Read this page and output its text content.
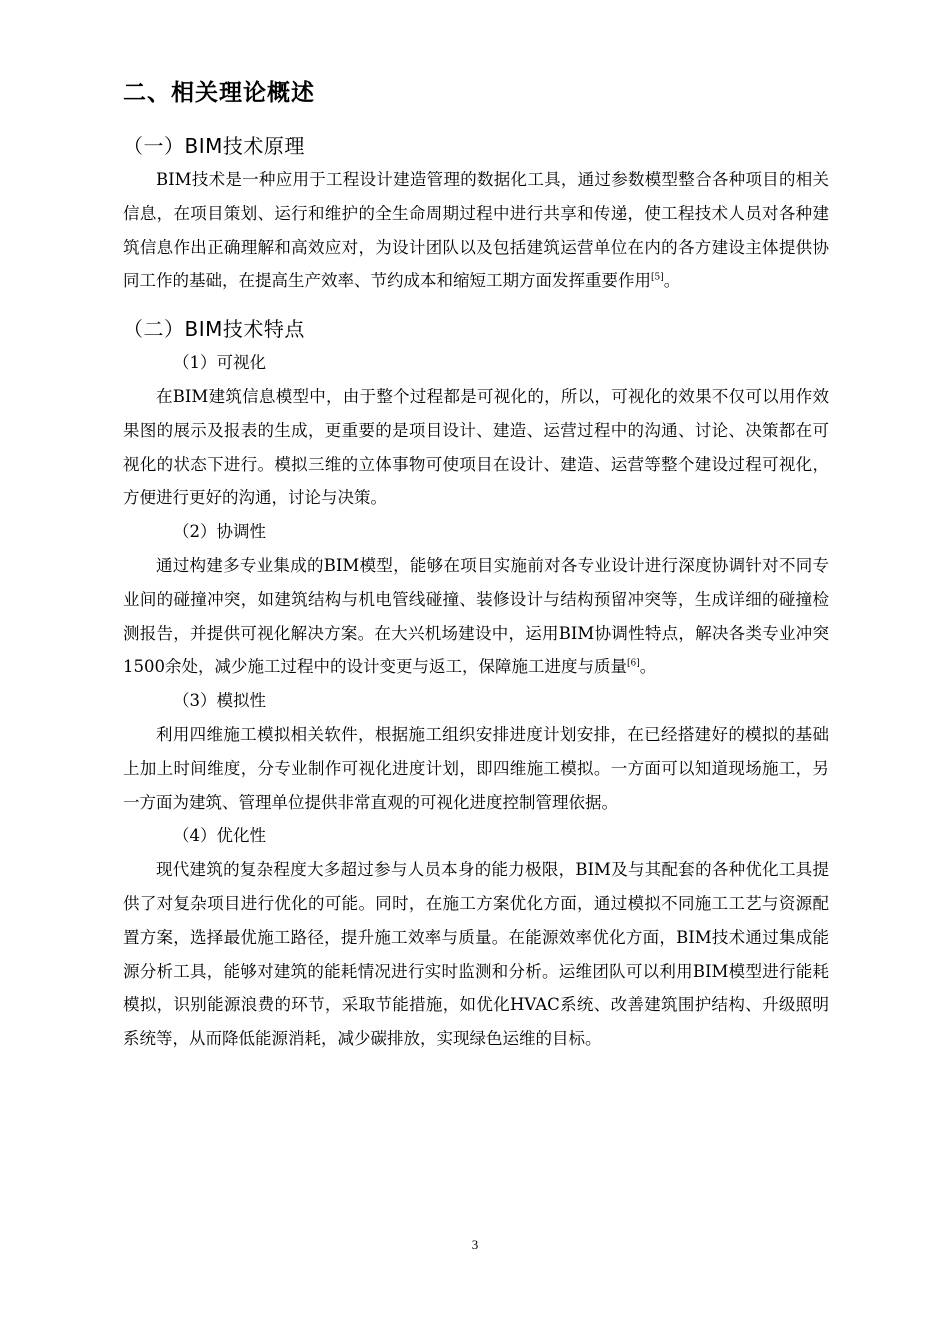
二、相关理论概述
（一）BIM技术原理

BIM技术是一种应用于工程设计建造管理的数据化工具，通过参数模型整合各种项目的相关信息，在项目策划、运行和维护的全生命周期过程中进行共享和传递，使工程技术人员对各种建筑信息作出正确理解和高效应对，为设计团队以及包括建筑运营单位在内的各方建设主体提供协同工作的基础，在提高生产效率、节约成本和缩短工期方面发挥重要作用[5]。

（二）BIM技术特点

（1）可视化

在BIM建筑信息模型中，由于整个过程都是可视化的，所以，可视化的效果不仅可以用作效果图的展示及报表的生成，更重要的是项目设计、建造、运营过程中的沟通、讨论、决策都在可视化的状态下进行。模拟三维的立体事物可使项目在设计、建造、运营等整个建设过程可视化，方便进行更好的沟通，讨论与决策。

（2）协调性

通过构建多专业集成的BIM模型，能够在项目实施前对各专业设计进行深度协调针对不同专业间的碰撞冲突，如建筑结构与机电管线碰撞、装修设计与结构预留冲突等，生成详细的碰撞检测报告，并提供可视化解决方案。在大兴机场建设中，运用BIM协调性特点，解决各类专业冲突1500余处，减少施工过程中的设计变更与返工，保障施工进度与质量[6]。

（3）模拟性

利用四维施工模拟相关软件，根据施工组织安排进度计划安排，在已经搭建好的模拟的基础上加上时间维度，分专业制作可视化进度计划，即四维施工模拟。一方面可以知道现场施工，另一方面为建筑、管理单位提供非常直观的可视化进度控制管理依据。

（4）优化性

现代建筑的复杂程度大多超过参与人员本身的能力极限，BIM及与其配套的各种优化工具提供了对复杂项目进行优化的可能。同时，在施工方案优化方面，通过模拟不同施工工艺与资源配置方案，选择最优施工路径，提升施工效率与质量。在能源效率优化方面，BIM技术通过集成能源分析工具，能够对建筑的能耗情况进行实时监测和分析。运维团队可以利用BIM模型进行能耗模拟，识别能源浪费的环节，采取节能措施，如优化HVAC系统、改善建筑围护结构、升级照明系统等，从而降低能源消耗，减少碳排放，实现绿色运维的目标。

3
